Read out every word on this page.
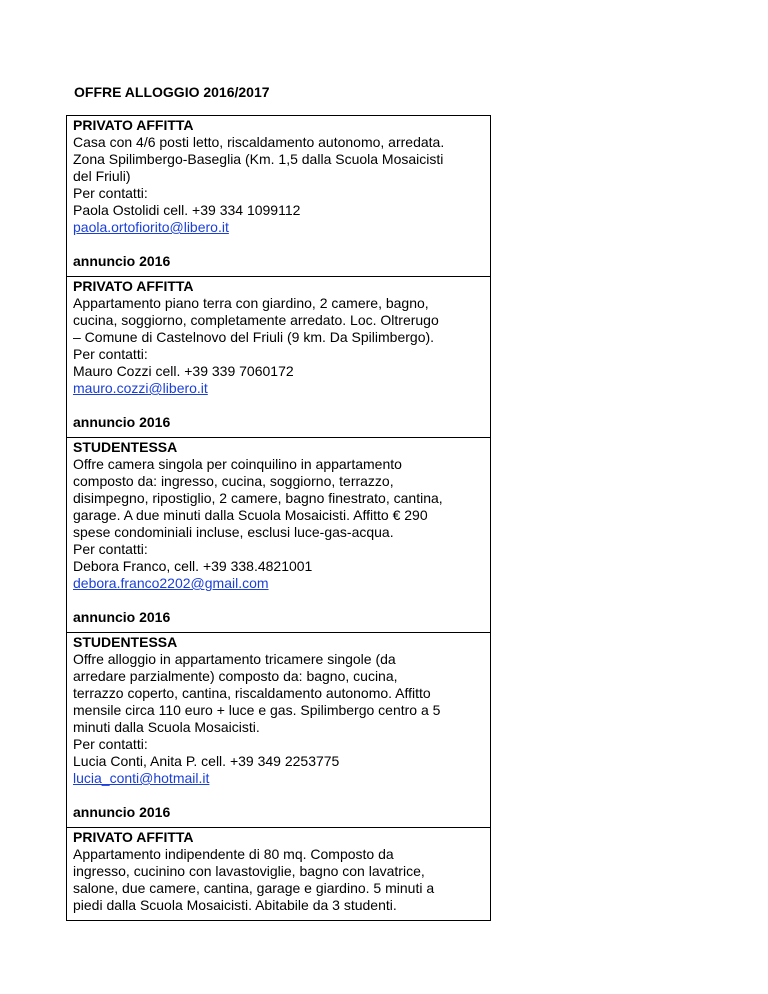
OFFRE ALLOGGIO 2016/2017
PRIVATO AFFITTA
Casa con 4/6 posti letto, riscaldamento autonomo, arredata.
Zona Spilimbergo-Baseglia (Km. 1,5 dalla Scuola Mosaicisti
del Friuli)
Per contatti:
Paola Ostolidi cell. +39 334 1099112
paola.ortofiorito@libero.it
annuncio 2016
PRIVATO AFFITTA
Appartamento piano terra con giardino, 2 camere, bagno,
cucina, soggiorno, completamente arredato. Loc. Oltrerugo
– Comune di Castelnovo del Friuli (9 km. Da Spilimbergo).
Per contatti:
Mauro Cozzi cell. +39 339 7060172
mauro.cozzi@libero.it
annuncio 2016
STUDENTESSA
Offre camera singola per coinquilino in appartamento
composto da: ingresso, cucina, soggiorno, terrazzo,
disimpegno, ripostiglio, 2 camere, bagno finestrato, cantina,
garage. A due minuti dalla Scuola Mosaicisti. Affitto € 290
spese condominiali incluse, esclusi luce-gas-acqua.
Per contatti:
Debora Franco, cell. +39 338.4821001
debora.franco2202@gmail.com
annuncio 2016
STUDENTESSA
Offre alloggio in appartamento tricamere singole (da
arredare parzialmente) composto da: bagno, cucina,
terrazzo coperto, cantina, riscaldamento autonomo. Affitto
mensile circa 110 euro + luce e gas. Spilimbergo centro a 5
minuti dalla Scuola Mosaicisti.
Per contatti:
Lucia Conti, Anita P. cell. +39 349 2253775
lucia_conti@hotmail.it
annuncio 2016
PRIVATO AFFITTA
Appartamento indipendente di 80 mq. Composto da
ingresso, cucinino con lavastoviglie, bagno con lavatrice,
salone, due camere, cantina, garage e giardino. 5 minuti a
piedi dalla Scuola Mosaicisti. Abitabile da 3 studenti.
